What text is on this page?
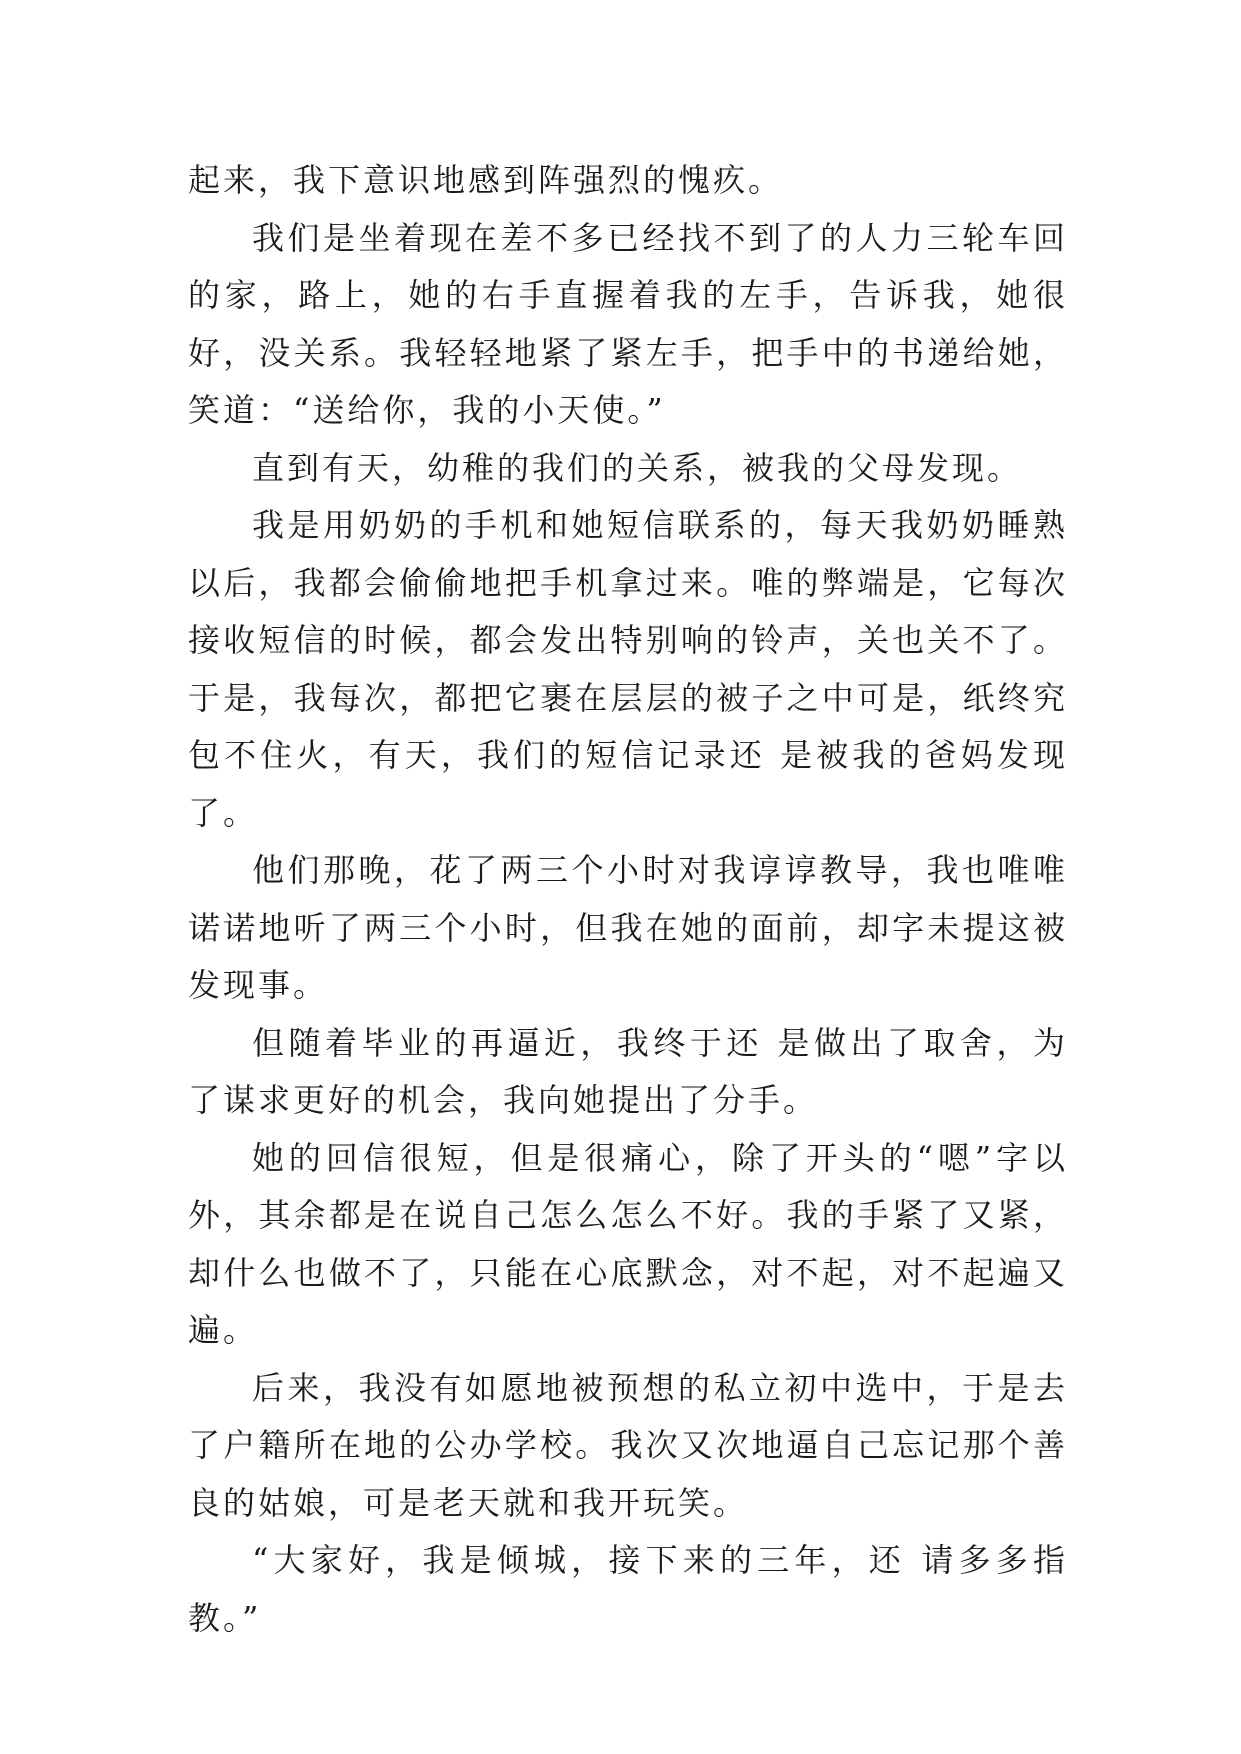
起来，我下意识地感到阵强烈的愧疚。

我们是坐着现在差不多已经找不到了的人力三轮车回的家，路上，她的右手直握着我的左手，告诉我，她很好，没关系。我轻轻地紧了紧左手，把手中的书递给她，笑道：“送给你，我的小天使。”

直到有天，幼稚的我们的关系，被我的父母发现。

我是用奶奶的手机和她短信联系的，每天我奶奶睡熟以后，我都会偷偷地把手机拿过来。唯的弊端是，它每次接收短信的时候，都会发出特别响的铃声，关也关不了。于是，我每次，都把它裹在层层的被子之中可是，纸终究包不住火，有天，我们的短信记录还 是被我的爸妈发现了。

他们那晚，花了两三个小时对我谆谆教导，我也唯唯诺诺地听了两三个小时，但我在她的面前，却字未提这被发现事。

但随着毕业的再逼近，我终于还 是做出了取舍，为了谋求更好的机会，我向她提出了分手。

她的回信很短，但是很痛心，除了开头的“嗯”字以外，其余都是在说自己怎么怎么不好。我的手紧了又紧，却什么也做不了，只能在心底默念，对不起，对不起遍又遍。

后来，我没有如愿地被预想的私立初中选中，于是去了户籍所在地的公办学校。我次又次地逼自己忘记那个善良的姑娘，可是老天就和我开玩笑。

“大家好，我是倾城，接下来的三年，还 请多多指教。”
